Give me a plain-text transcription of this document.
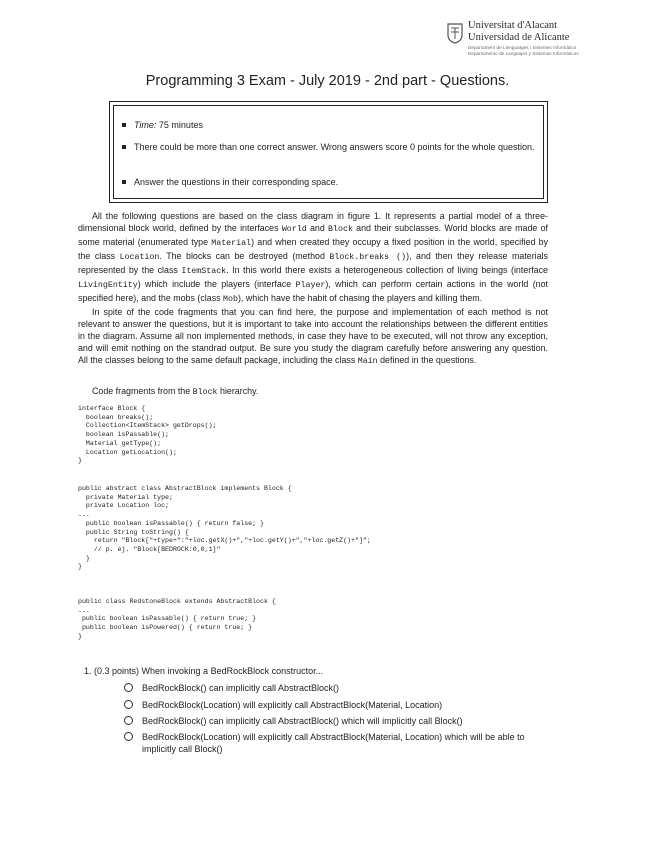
Universitat d'Alacant
Universidad de Alicante
Departament de Llenguatges i Sistemes Informàtics
Departamento de Lenguajes y Sistemas Informáticos
Programming 3 Exam - July 2019 - 2nd part - Questions.
Time: 75 minutes
There could be more than one correct answer. Wrong answers score 0 points for the whole question.
Answer the questions in their corresponding space.

All the following questions are based on the class diagram in figure 1. It represents a partial model of a three-dimensional block world, defined by the interfaces World and Block and their subclasses. World blocks are made of some material (enumerated type Material) and when created they occupy a fixed position in the world, specified by the class Location. The blocks can be destroyed (method Block.breaks ()), and then they release materials represented by the class ItemStack. In this world there exists a heterogeneous collection of living beings (interface LivingEntity) which include the players (interface Player), which can perform certain actions in the world (not specified here), and the mobs (class Mob), which have the habit of chasing the players and killing them.

In spite of the code fragments that you can find here, the purpose and implementation of each method is not relevant to answer the questions, but it is important to take into account the relationships between the different entities in the diagram. Assume all non implemented methods, in case they have to be executed, will not throw any exception, and will emit nothing on the standrad output. Be sure you study the diagram carefully before answering any question. All the classes belong to the same default package, including the class Main defined in the questions.

Code fragments from the Block hierarchy.
interface Block {
boolean breaks();
Collection<ItemStack> getDrops();
boolean isPassable();
Material getType();
Location getLocation();
}
public abstract class AbstractBlock implements Block {
private Material type;
private Location loc;
...
public boolean isPassable() { return false; }
public String toString() {
return "Block["+type+":"+loc.getX()+","+loc.getY()+","+loc.getZ()+"]";
// p. ej. "Block[BEDROCK:0,0,1]"
}
}
public class RedstoneBlock extends AbstractBlock {
...
public boolean isPassable() { return true; }
public boolean isPowered() { return true; }
}
1. (0.3 points) When invoking a BedRockBlock constructor...
BedRockBlock() can implicitly call AbstractBlock()
BedRockBlock(Location) will explicitly call AbstractBlock(Material, Location)
BedRockBlock() can implicitly call AbstractBlock() which will implicitly call Block()
BedRockBlock(Location) will explicitly call AbstractBlock(Material, Location) which will be able to implicitly call Block()
